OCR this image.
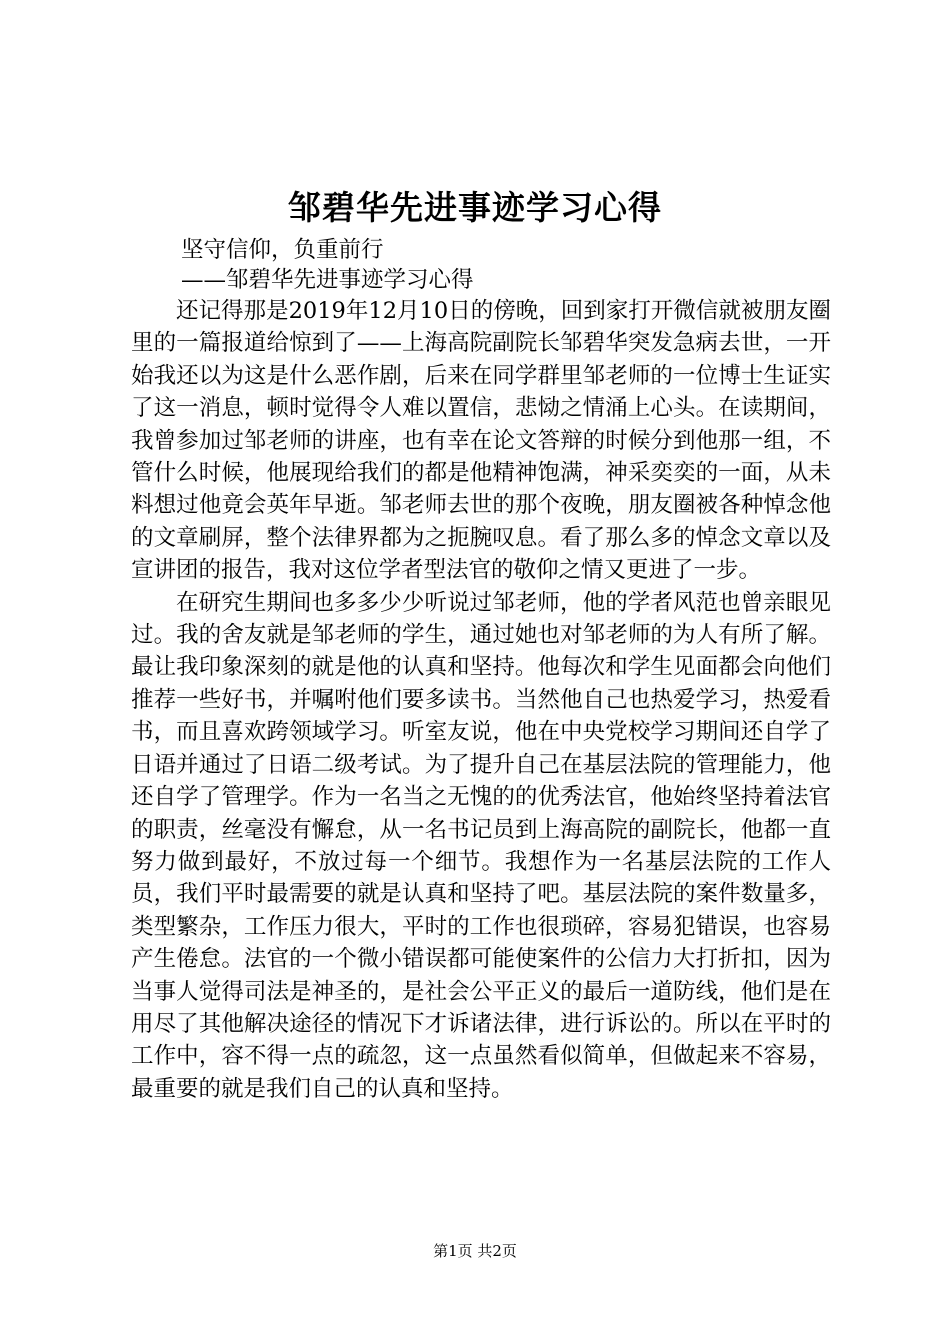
邹碧华先进事迹学习心得
坚守信仰，负重前行
——邹碧华先进事迹学习心得

还记得那是2019年12月10日的傍晚，回到家打开微信就被朋友圈里的一篇报道给惊到了——上海高院副院长邹碧华突发急病去世，一开始我还以为这是什么恶作剧，后来在同学群里邹老师的一位博士生证实了这一消息，顿时觉得令人难以置信，悲恸之情涌上心头。在读期间，我曾参加过邹老师的讲座，也有幸在论文答辩的时候分到他那一组，不管什么时候，他展现给我们的都是他精神饱满，神采奕奕的一面，从未料想过他竟会英年早逝。邹老师去世的那个夜晚，朋友圈被各种悼念他的文章刷屏，整个法律界都为之扼腕叹息。看了那么多的悼念文章以及宣讲团的报告，我对这位学者型法官的敬仰之情又更进了一步。

在研究生期间也多多少少听说过邹老师，他的学者风范也曾亲眼见过。我的舍友就是邹老师的学生，通过她也对邹老师的为人有所了解。最让我印象深刻的就是他的认真和坚持。他每次和学生见面都会向他们推荐一些好书，并嘱咐他们要多读书。当然他自己也热爱学习，热爱看书，而且喜欢跨领域学习。听室友说，他在中央党校学习期间还自学了日语并通过了日语二级考试。为了提升自己在基层法院的管理能力，他还自学了管理学。作为一名当之无愧的的优秀法官，他始终坚持着法官的职责，丝毫没有懈怠，从一名书记员到上海高院的副院长，他都一直努力做到最好，不放过每一个细节。我想作为一名基层法院的工作人员，我们平时最需要的就是认真和坚持了吧。基层法院的案件数量多，类型繁杂，工作压力很大，平时的工作也很琐碎，容易犯错误，也容易产生倦怠。法官的一个微小错误都可能使案件的公信力大打折扣，因为当事人觉得司法是神圣的，是社会公平正义的最后一道防线，他们是在用尽了其他解决途径的情况下才诉诸法律，进行诉讼的。所以在平时的工作中，容不得一点的疏忽，这一点虽然看似简单，但做起来不容易，最重要的就是我们自己的认真和坚持。

第1页 共2页
